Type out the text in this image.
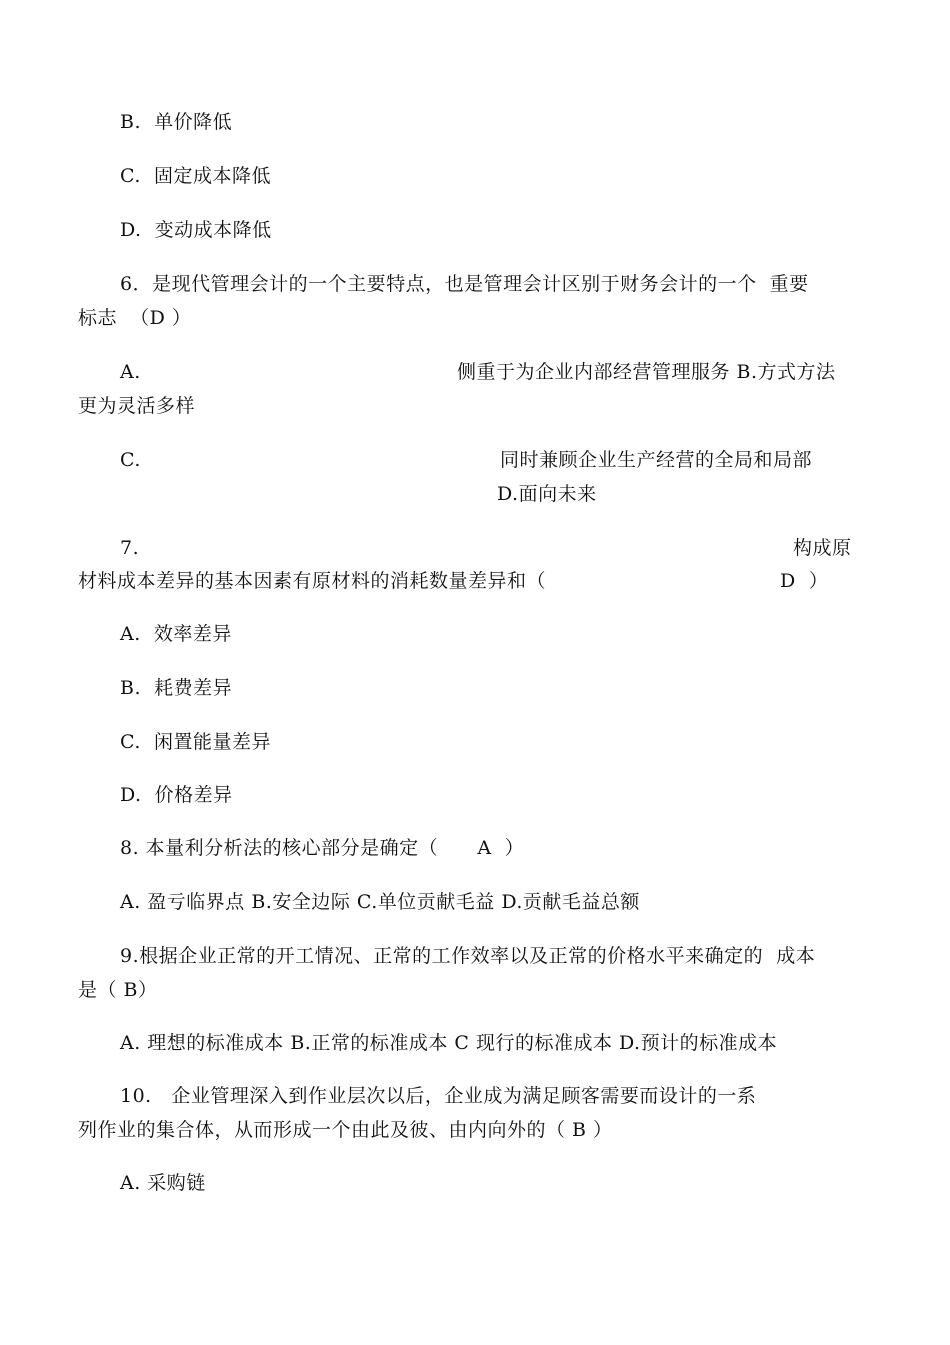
B.  单价降低
C.  固定成本降低
D.  变动成本降低
6．是现代管理会计的一个主要特点，也是管理会计区别于财务会计的一个  重要
标志  （D ）
A.	侧重于为企业内部经营管理服务 B.方式方法
更为灵活多样
C.	同时兼顾企业生产经营的全局和局部
D.面向未来
7.	构成原
材料成本差异的基本因素有原材料的消耗数量差异和（	D  ）
A.  效率差异
B.  耗费差异
C.  闲置能量差异
D.  价格差异
8. 本量利分析法的核心部分是确定（      A  ）
A. 盈亏临界点 B.安全边际 C.单位贡献毛益 D.贡献毛益总额
9.根据企业正常的开工情况、正常的工作效率以及正常的价格水平来确定的  成本
是（ B）
A. 理想的标准成本 B.正常的标准成本 C 现行的标准成本 D.预计的标准成本
10.   企业管理深入到作业层次以后，企业成为满足顾客需要而设计的一系
列作业的集合体，从而形成一个由此及彼、由内向外的（ B ）
A. 采购链
